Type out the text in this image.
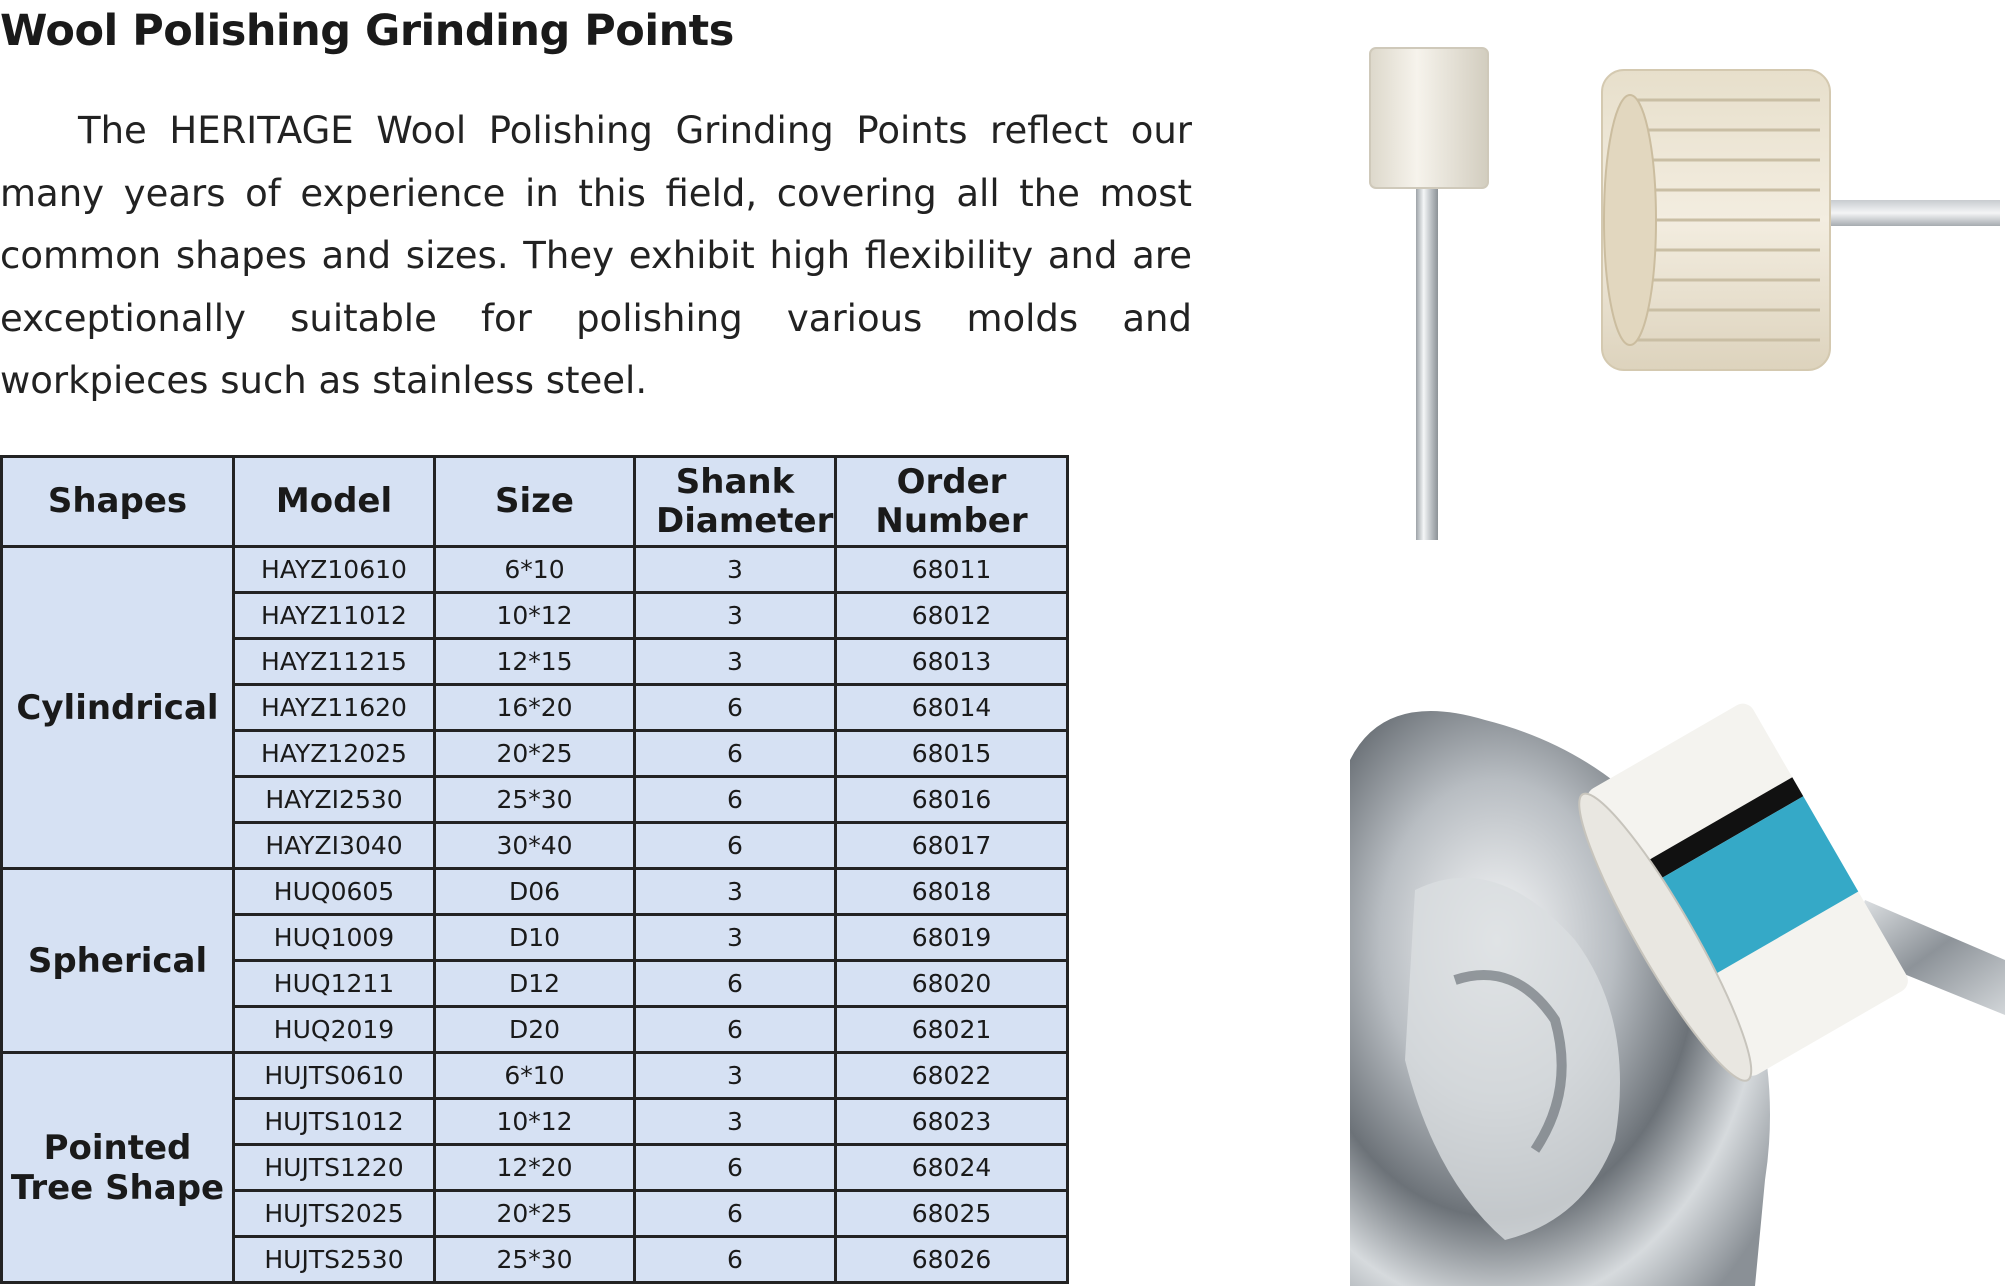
Wool Polishing Grinding Points

The HERITAGE Wool Polishing Grinding Points reflect our many years of experience in this field, covering all the most common shapes and sizes. They exhibit high flexibility and are exceptionally suitable for polishing various molds and workpieces such as stainless steel.

Shapes	Model	Size	Shank Diameter	Order Number
Cylindrical	HAYZ10610	6*10	3	68011
	HAYZ11012	10*12	3	68012
	HAYZ11215	12*15	3	68013
	HAYZ11620	16*20	6	68014
	HAYZ12025	20*25	6	68015
	HAYZI2530	25*30	6	68016
	HAYZI3040	30*40	6	68017
Spherical	HUQ0605	D06	3	68018
	HUQ1009	D10	3	68019
	HUQ1211	D12	6	68020
	HUQ2019	D20	6	68021
Pointed Tree Shape	HUJTS0610	6*10	3	68022
	HUJTS1012	10*12	3	68023
	HUJTS1220	12*20	6	68024
	HUJTS2025	20*25	6	68025
	HUJTS2530	25*30	6	68026
